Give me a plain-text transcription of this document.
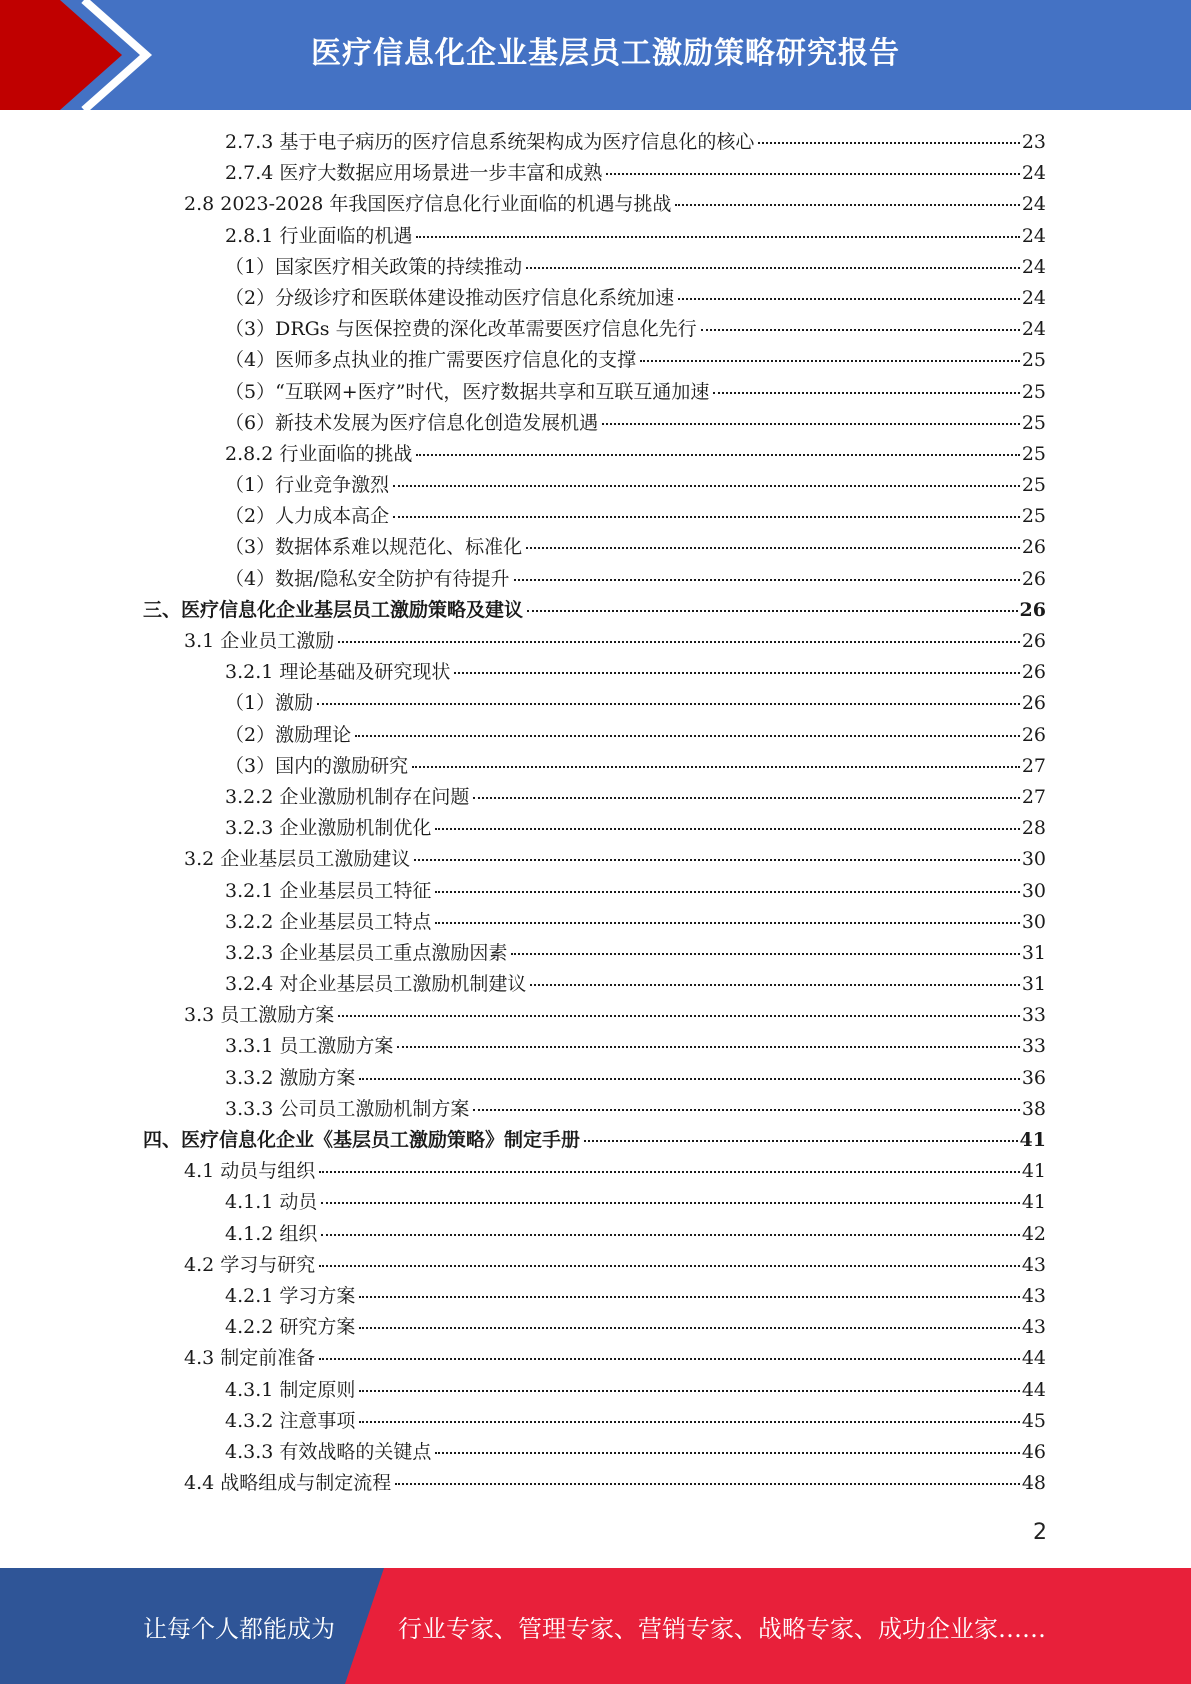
医疗信息化企业基层员工激励策略研究报告
2.7.3 基于电子病历的医疗信息系统架构成为医疗信息化的核心	23
2.7.4 医疗大数据应用场景进一步丰富和成熟	24
2.8 2023-2028 年我国医疗信息化行业面临的机遇与挑战	24
2.8.1 行业面临的机遇	24
（1）国家医疗相关政策的持续推动	24
（2）分级诊疗和医联体建设推动医疗信息化系统加速	24
（3）DRGs 与医保控费的深化改革需要医疗信息化先行	24
（4）医师多点执业的推广需要医疗信息化的支撑	25
（5）“互联网+医疗”时代，医疗数据共享和互联互通加速	25
（6）新技术发展为医疗信息化创造发展机遇	25
2.8.2 行业面临的挑战	25
（1）行业竞争激烈	25
（2）人力成本高企	25
（3）数据体系难以规范化、标准化	26
（4）数据/隐私安全防护有待提升	26
三、医疗信息化企业基层员工激励策略及建议	26
3.1 企业员工激励	26
3.2.1 理论基础及研究现状	26
（1）激励	26
（2）激励理论	26
（3）国内的激励研究	27
3.2.2 企业激励机制存在问题	27
3.2.3 企业激励机制优化	28
3.2 企业基层员工激励建议	30
3.2.1 企业基层员工特征	30
3.2.2 企业基层员工特点	30
3.2.3 企业基层员工重点激励因素	31
3.2.4 对企业基层员工激励机制建议	31
3.3 员工激励方案	33
3.3.1 员工激励方案	33
3.3.2 激励方案	36
3.3.3 公司员工激励机制方案	38
四、医疗信息化企业《基层员工激励策略》制定手册	41
4.1 动员与组织	41
4.1.1 动员	41
4.1.2 组织	42
4.2 学习与研究	43
4.2.1 学习方案	43
4.2.2 研究方案	43
4.3 制定前准备	44
4.3.1 制定原则	44
4.3.2 注意事项	45
4.3.3 有效战略的关键点	46
4.4 战略组成与制定流程	48
2
让每个人都能成为	行业专家、管理专家、营销专家、战略专家、成功企业家……
